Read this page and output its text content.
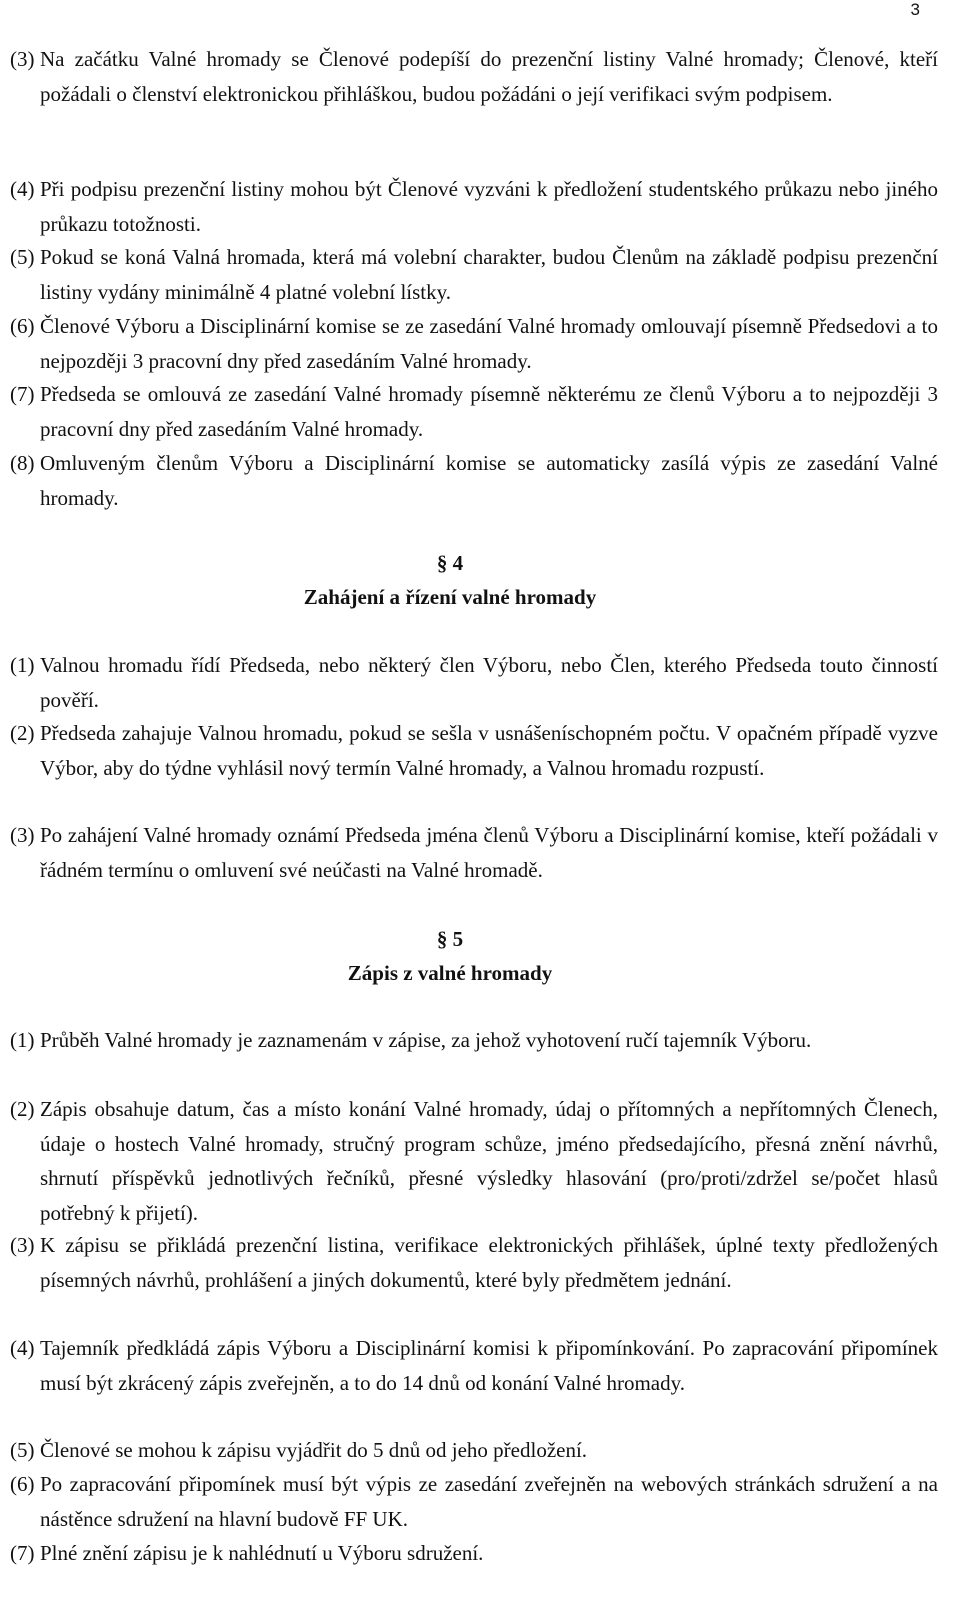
3
(3) Na začátku Valné hromady se Členové podepíší do prezenční listiny Valné hromady; Členové, kteří požádali o členství elektronickou přihláškou, budou požádáni o její verifikaci svým podpisem.
(4) Při podpisu prezenční listiny mohou být Členové vyzváni k předložení studentského průkazu nebo jiného průkazu totožnosti.
(5) Pokud se koná Valná hromada, která má volební charakter, budou Členům na základě podpisu prezenční listiny vydány minimálně 4 platné volební lístky.
(6) Členové Výboru a Disciplinární komise se ze zasedání Valné hromady omlouvají písemně Předsedovi a to nejpozději 3 pracovní dny před zasedáním Valné hromady.
(7) Předseda se omlouvá ze zasedání Valné hromady písemně některému ze členů Výboru a to nejpozději 3 pracovní dny před zasedáním Valné hromady.
(8) Omluveným členům Výboru a Disciplinární komise se automaticky zasílá výpis ze zasedání Valné hromady.
§ 4
Zahájení a řízení valné hromady
(1) Valnou hromadu řídí Předseda, nebo některý člen Výboru, nebo Člen, kterého Předseda touto činností pověří.
(2) Předseda zahajuje Valnou hromadu, pokud se sešla v usnášeníschopném počtu. V opačném případě vyzve Výbor, aby do týdne vyhlásil nový termín Valné hromady, a Valnou hromadu rozpustí.
(3) Po zahájení Valné hromady oznámí Předseda jména členů Výboru a Disciplinární komise, kteří požádali v řádném termínu o omluvení své neúčasti na Valné hromadě.
§ 5
Zápis z valné hromady
(1) Průběh Valné hromady je zaznamenám v zápise, za jehož vyhotovení ručí tajemník Výboru.
(2) Zápis obsahuje datum, čas a místo konání Valné hromady, údaj o přítomných a nepřítomných Členech, údaje o hostech Valné hromady, stručný program schůze, jméno předsedajícího, přesná znění návrhů, shrnutí příspěvků jednotlivých řečníků, přesné výsledky hlasování (pro/proti/zdržel se/počet hlasů potřebný k přijetí).
(3) K zápisu se přikládá prezenční listina, verifikace elektronických přihlášek, úplné texty předložených písemných návrhů, prohlášení a jiných dokumentů, které byly předmětem jednání.
(4) Tajemník předkládá zápis Výboru a Disciplinární komisi k připomínkování. Po zapracování připomínek musí být zkrácený zápis zveřejněn, a to do 14 dnů od konání Valné hromady.
(5) Členové se mohou k zápisu vyjádřit do 5 dnů od jeho předložení.
(6) Po zapracování připomínek musí být výpis ze zasedání zveřejněn na webových stránkách sdružení a na nástěnce sdružení na hlavní budově FF UK.
(7) Plné znění zápisu je k nahlédnutí u Výboru sdružení.
